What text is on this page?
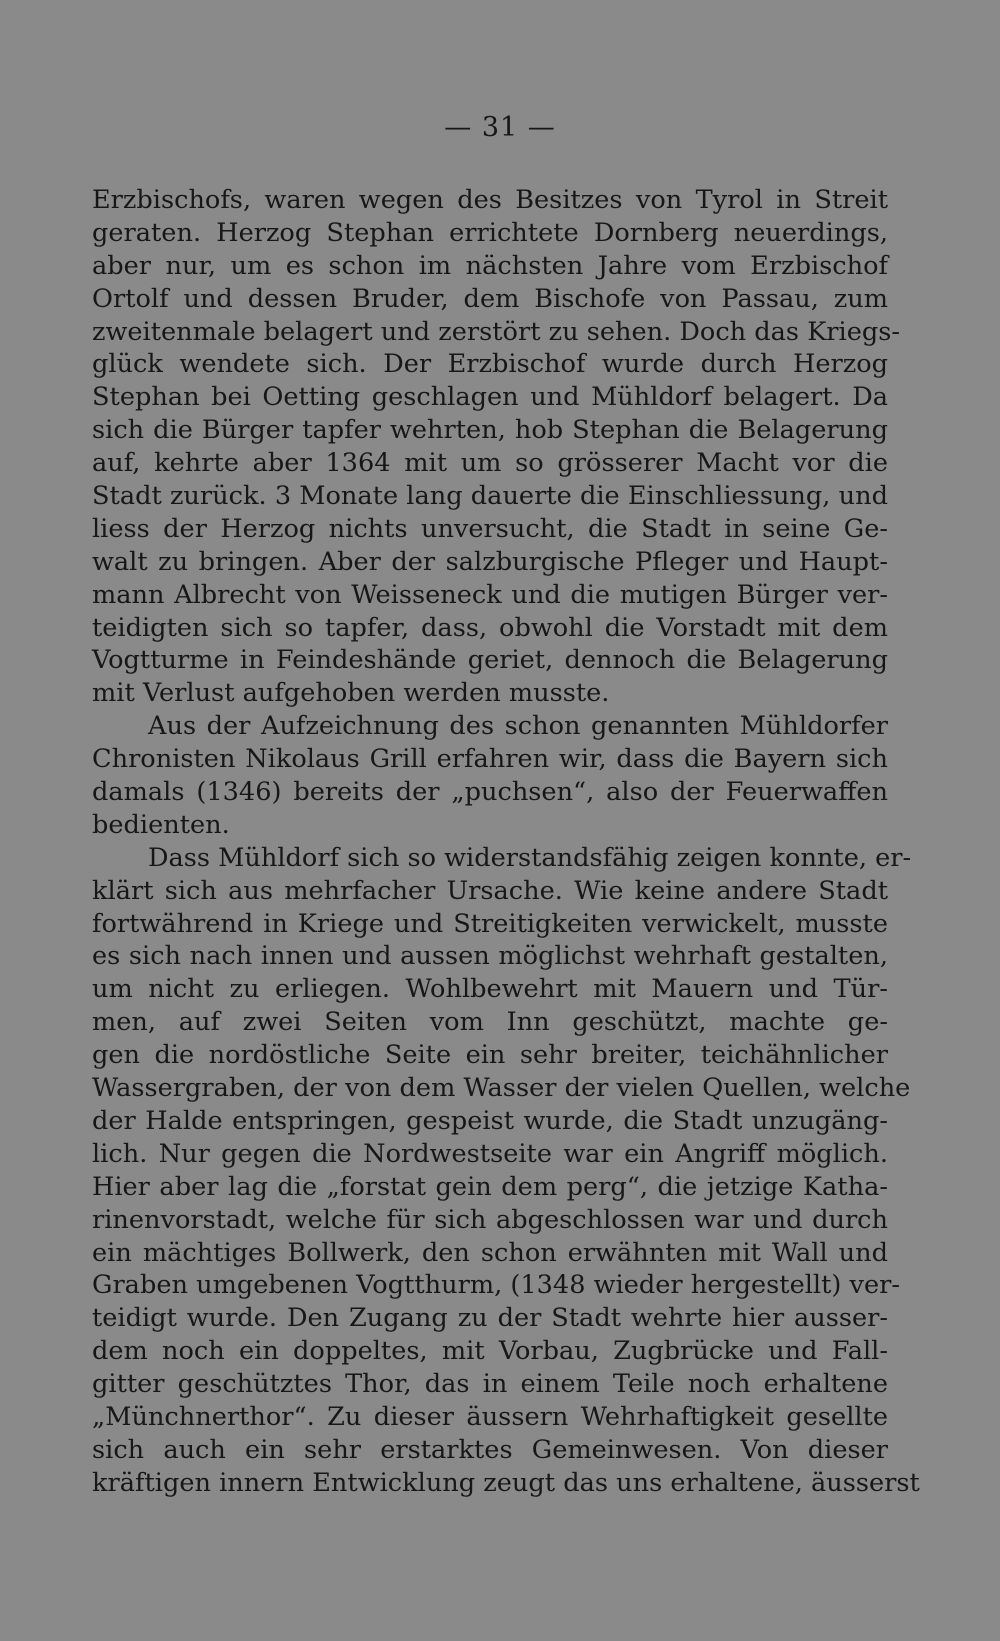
— 31 —

Erzbischofs, waren wegen des Besitzes von Tyrol in Streit
geraten. Herzog Stephan errichtete Dornberg neuerdings,
aber nur, um es schon im nächsten Jahre vom Erzbischof
Ortolf und dessen Bruder, dem Bischofe von Passau, zum
zweitenmale belagert und zerstört zu sehen. Doch das Kriegs-
glück wendete sich. Der Erzbischof wurde durch Herzog
Stephan bei Oetting geschlagen und Mühldorf belagert. Da
sich die Bürger tapfer wehrten, hob Stephan die Belagerung
auf, kehrte aber 1364 mit um so grösserer Macht vor die
Stadt zurück. 3 Monate lang dauerte die Einschliessung, und
liess der Herzog nichts unversucht, die Stadt in seine Ge-
walt zu bringen. Aber der salzburgische Pfleger und Haupt-
mann Albrecht von Weisseneck und die mutigen Bürger ver-
teidigten sich so tapfer, dass, obwohl die Vorstadt mit dem
Vogtturme in Feindeshände geriet, dennoch die Belagerung
mit Verlust aufgehoben werden musste.

Aus der Aufzeichnung des schon genannten Mühldorfer
Chronisten Nikolaus Grill erfahren wir, dass die Bayern sich
damals (1346) bereits der „puchsen“, also der Feuerwaffen
bedienten.

Dass Mühldorf sich so widerstandsfähig zeigen konnte, er-
klärt sich aus mehrfacher Ursache. Wie keine andere Stadt
fortwährend in Kriege und Streitigkeiten verwickelt, musste
es sich nach innen und aussen möglichst wehrhaft gestalten,
um nicht zu erliegen. Wohlbewehrt mit Mauern und Tür-
men, auf zwei Seiten vom Inn geschützt, machte ge-
gen die nordöstliche Seite ein sehr breiter, teichähnlicher
Wassergraben, der von dem Wasser der vielen Quellen, welche
der Halde entspringen, gespeist wurde, die Stadt unzugäng-
lich. Nur gegen die Nordwestseite war ein Angriff möglich.
Hier aber lag die „forstat gein dem perg“, die jetzige Katha-
rinenvorstadt, welche für sich abgeschlossen war und durch
ein mächtiges Bollwerk, den schon erwähnten mit Wall und
Graben umgebenen Vogtthurm, (1348 wieder hergestellt) ver-
teidigt wurde. Den Zugang zu der Stadt wehrte hier ausser-
dem noch ein doppeltes, mit Vorbau, Zugbrücke und Fall-
gitter geschütztes Thor, das in einem Teile noch erhaltene
„Münchnerthor“. Zu dieser äussern Wehrhaftigkeit gesellte
sich auch ein sehr erstarktes Gemeinwesen. Von dieser
kräftigen innern Entwicklung zeugt das uns erhaltene, äusserst
